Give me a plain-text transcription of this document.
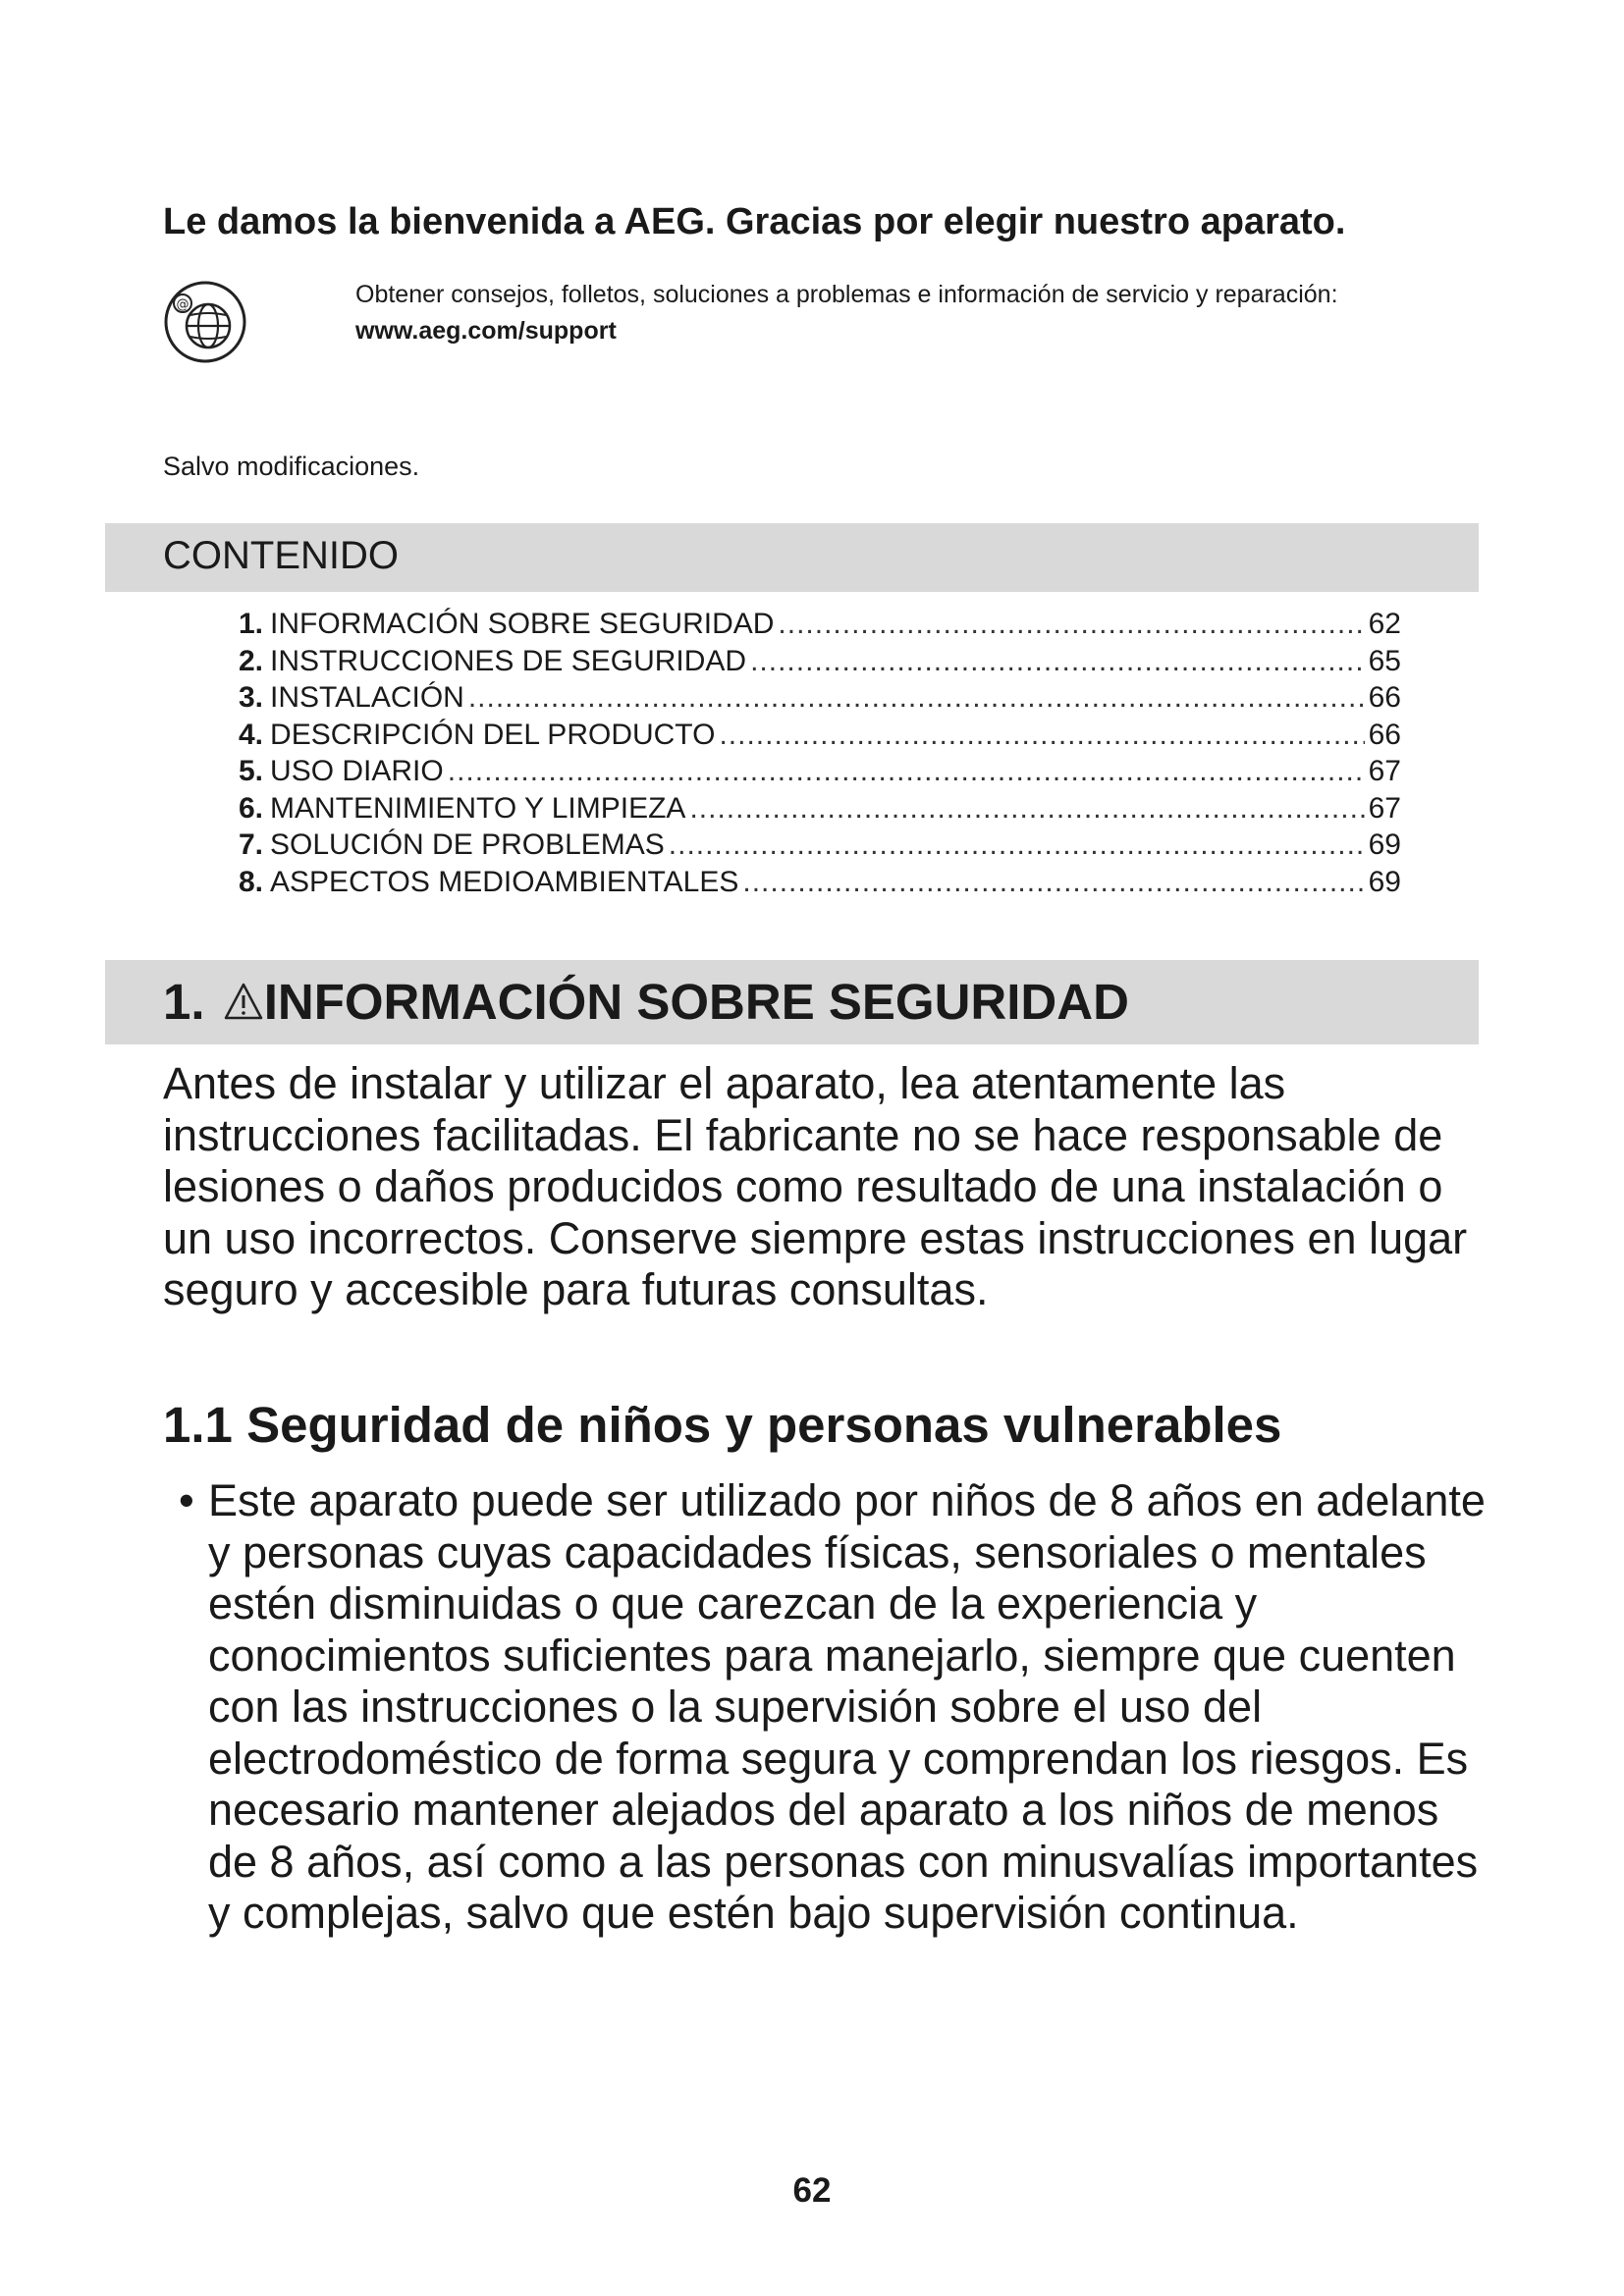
Le damos la bienvenida a AEG. Gracias por elegir nuestro aparato.
@	Obtener consejos, folletos, soluciones a problemas e información de servicio y reparación:
www.aeg.com/support
Salvo modificaciones.
CONTENIDO
1. INFORMACIÓN SOBRE SEGURIDAD .....	62
2. INSTRUCCIONES DE SEGURIDAD .....	65
3. INSTALACIÓN .....	66
4. DESCRIPCIÓN DEL PRODUCTO .....	66
5. USO DIARIO .....	67
6. MANTENIMIENTO Y LIMPIEZA .....	67
7. SOLUCIÓN DE PROBLEMAS .....	69
8. ASPECTOS MEDIOAMBIENTALES .....	69
1. INFORMACIÓN SOBRE SEGURIDAD

Antes de instalar y utilizar el aparato, lea atentamente las instrucciones facilitadas. El fabricante no se hace responsable de lesiones o daños producidos como resultado de una instalación o un uso incorrectos. Conserve siempre estas instrucciones en lugar seguro y accesible para futuras consultas.

1.1 Seguridad de niños y personas vulnerables
• Este aparato puede ser utilizado por niños de 8 años en adelante y personas cuyas capacidades físicas, sensoriales o mentales estén disminuidas o que carezcan de la experiencia y conocimientos suficientes para manejarlo, siempre que cuenten con las instrucciones o la supervisión sobre el uso del electrodoméstico de forma segura y comprendan los riesgos. Es necesario mantener alejados del aparato a los niños de menos de 8 años, así como a las personas con minusvalías importantes y complejas, salvo que estén bajo supervisión continua.
62
